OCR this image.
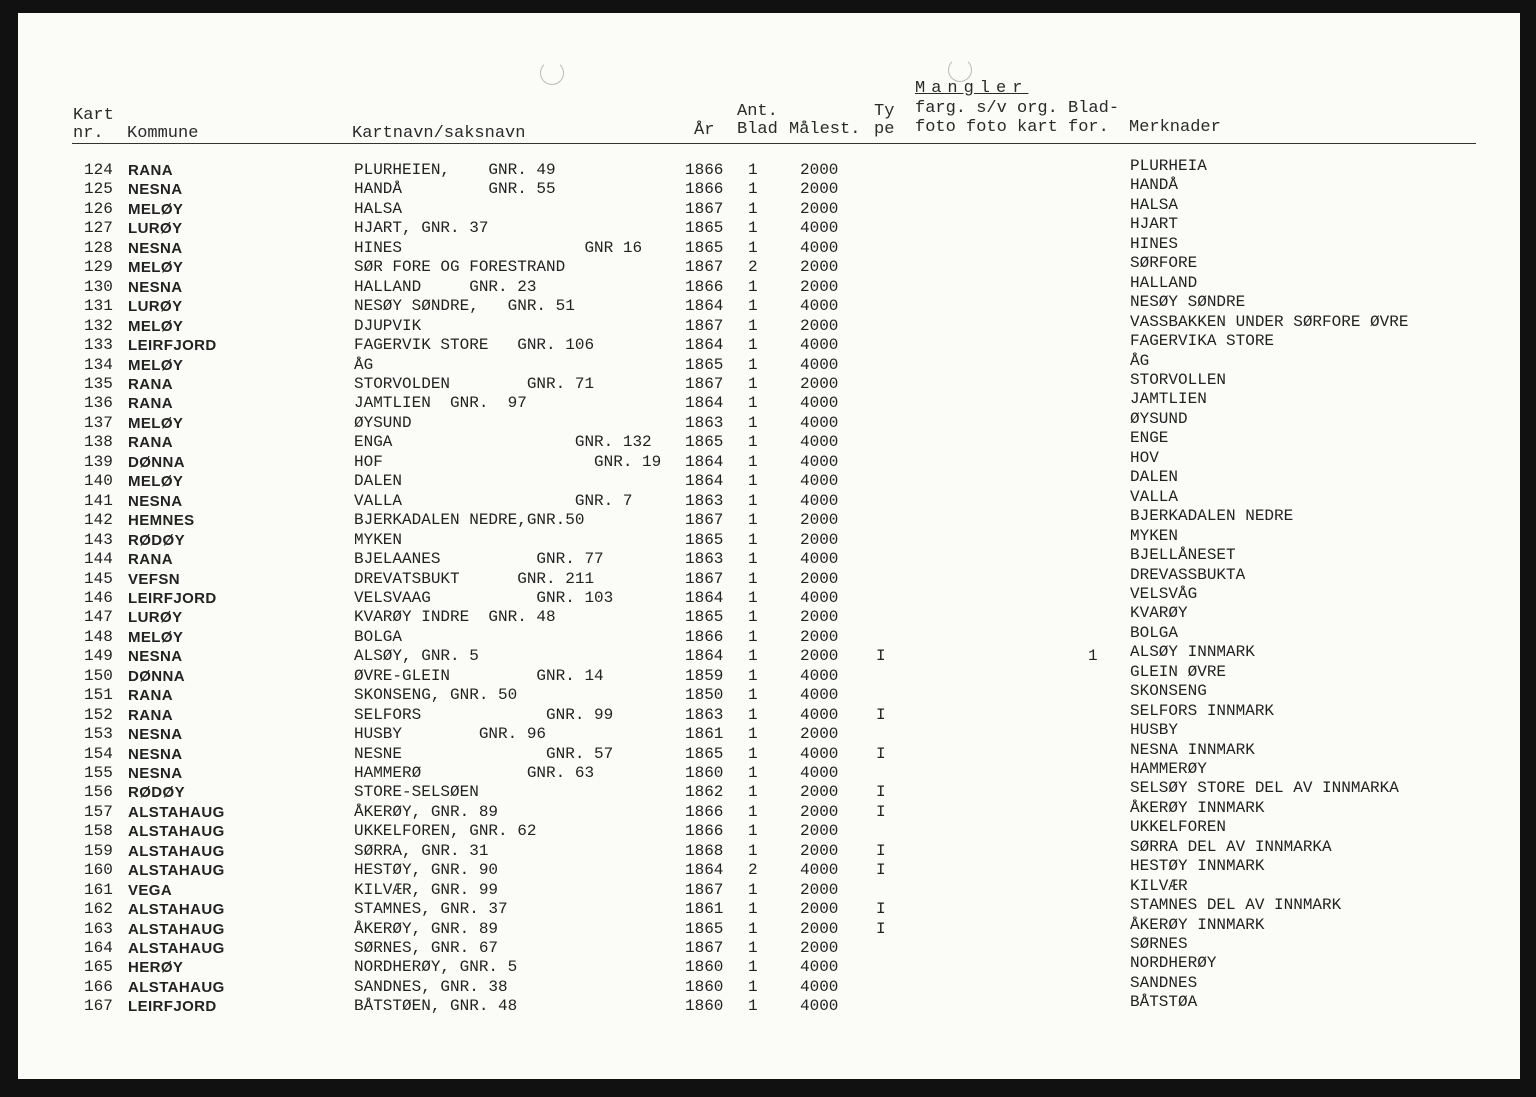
Kart
nr. Kommune	Kartnavn/saksnavn	År
Ant.
Blad Målest.
Ty
pe
Mangler
farg. s/v org. Blad-
foto foto kart for. Merknader
124 RANA	PLURHEIEN,    GNR. 49	1866 1	2000	PLURHEIA
125 NESNA	HANDÅ         GNR. 55	1866 1	2000	HANDÅ
126 MELØY	HALSA	1867 1	2000	HALSA
127 LURØY	HJART, GNR. 37	1865 1	4000	HJART
128 NESNA	HINES                   GNR 16	1865 1	4000	HINES
129 MELØY	SØR FORE OG FORESTRAND	1867 2	2000	SØRFORE
130 NESNA	HALLAND     GNR. 23	1866 1	2000	HALLAND
131 LURØY	NESØY SØNDRE,   GNR. 51	1864 1	4000	NESØY SØNDRE
132 MELØY	DJUPVIK	1867 1	2000	VASSBAKKEN UNDER SØRFORE ØVRE
133 LEIRFJORD	FAGERVIK STORE   GNR. 106	1864 1	4000	FAGERVIKA STORE
134 MELØY	ÅG	1865 1	4000	ÅG
135 RANA	STORVOLDEN        GNR. 71	1867 1	2000	STORVOLLEN
136 RANA	JAMTLIEN  GNR.  97	1864 1	4000	JAMTLIEN
137 MELØY	ØYSUND	1863 1	4000	ØYSUND
138 RANA	ENGA                   GNR. 132 1865 1	4000	ENGE
139 DØNNA	HOF                      GNR. 19 1864 1	4000	HOV
140 MELØY	DALEN	1864 1	4000	DALEN
141 NESNA	VALLA                  GNR. 7	1863 1	4000	VALLA
142 HEMNES	BJERKADALEN NEDRE,GNR.50	1867 1	2000	BJERKADALEN NEDRE
143 RØDØY	MYKEN	1865 1	2000	MYKEN
144 RANA	BJELAANES          GNR. 77	1863 1	4000	BJELLÅNESET
145 VEFSN	DREVATSBUKT      GNR. 211	1867 1	2000	DREVASSBUKTA
146 LEIRFJORD	VELSVAAG           GNR. 103	1864 1	4000	VELSVÅG
147 LURØY	KVARØY INDRE  GNR. 48	1865 1	2000	KVARØY
148 MELØY	BOLGA	1866 1	2000	BOLGA
149 NESNA	ALSØY, GNR. 5	1864 1	2000 I	1 ALSØY INNMARK
150 DØNNA	ØVRE-GLEIN         GNR. 14	1859 1	4000	GLEIN ØVRE
151 RANA	SKONSENG, GNR. 50	1850 1	4000	SKONSENG
152 RANA	SELFORS             GNR. 99	1863 1	4000 I	SELFORS INNMARK
153 NESNA	HUSBY        GNR. 96	1861 1	2000	HUSBY
154 NESNA	NESNE               GNR. 57	1865 1	4000 I	NESNA INNMARK
155 NESNA	HAMMERØ           GNR. 63	1860 1	4000	HAMMERØY
156 RØDØY	STORE-SELSØEN	1862 1	2000 I	SELSØY STORE DEL AV INNMARKA
157 ALSTAHAUG	ÅKERØY, GNR. 89	1866 1	2000 I	ÅKERØY INNMARK
158 ALSTAHAUG	UKKELFOREN, GNR. 62	1866 1	2000	UKKELFOREN
159 ALSTAHAUG	SØRRA, GNR. 31	1868 1	2000 I	SØRRA DEL AV INNMARKA
160 ALSTAHAUG	HESTØY, GNR. 90	1864 2	4000 I	HESTØY INNMARK
161 VEGA	KILVÆR, GNR. 99	1867 1	2000	KILVÆR
162 ALSTAHAUG	STAMNES, GNR. 37	1861 1	2000 I	STAMNES DEL AV INNMARK
163 ALSTAHAUG	ÅKERØY, GNR. 89	1865 1	2000 I	ÅKERØY INNMARK
164 ALSTAHAUG	SØRNES, GNR. 67	1867 1	2000	SØRNES
165 HERØY	NORDHERØY, GNR. 5	1860 1	4000	NORDHERØY
166 ALSTAHAUG	SANDNES, GNR. 38	1860 1	4000	SANDNES
167 LEIRFJORD	BÅTSTØEN, GNR. 48	1860 1	4000	BÅTSTØA
